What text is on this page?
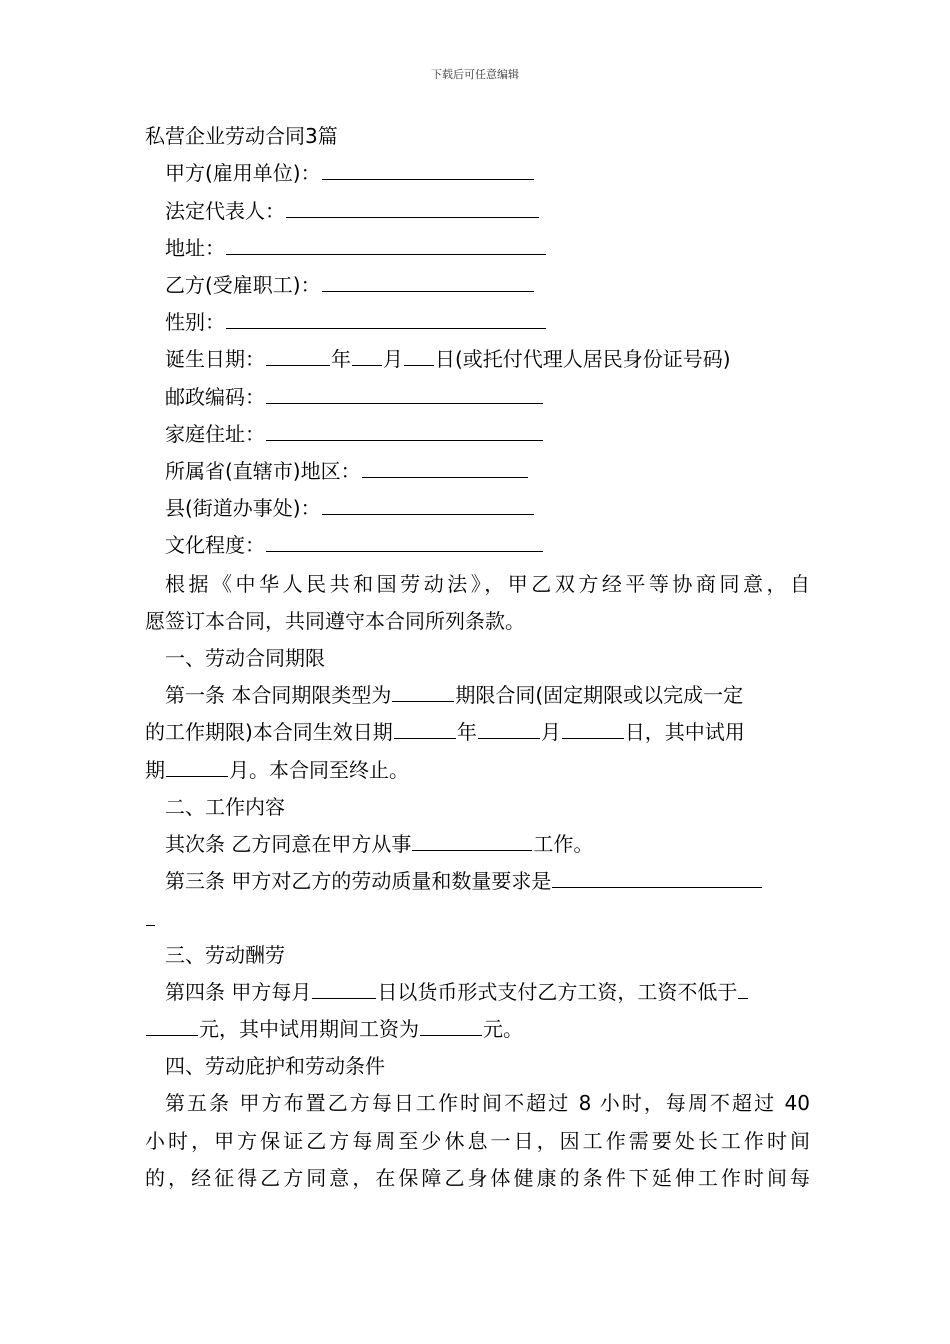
下载后可任意编辑
私营企业劳动合同3篇
甲方(雇用单位)：
法定代表人：
地址：
乙方(受雇职工)：
性别：
诞生日期：	年 月 日(或托付代理人居民身份证号码)
邮政编码：
家庭住址：
所属省(直辖市)地区：
县(街道办事处)：
文化程度：
根据《中华人民共和国劳动法》，甲乙双方经平等协商同意，自
愿签订本合同，共同遵守本合同所列条款。
一、劳动合同期限
第一条 本合同期限类型为	期限合同(固定期限或以完成一定
的工作期限)本合同生效日期	年	月	日，其中试用
期	月。本合同至终止。
二、工作内容
其次条 乙方同意在甲方从事	工作。
第三条 甲方对乙方的劳动质量和数量要求是
三、劳动酬劳
第四条 甲方每月	日以货币形式支付乙方工资，工资不低于
元，其中试用期间工资为	元。
四、劳动庇护和劳动条件
第五条 甲方布置乙方每日工作时间不超过 8 小时，每周不超过 40
小时，甲方保证乙方每周至少休息一日，因工作需要处长工作时间
的，经征得乙方同意，在保障乙身体健康的条件下延伸工作时间每
